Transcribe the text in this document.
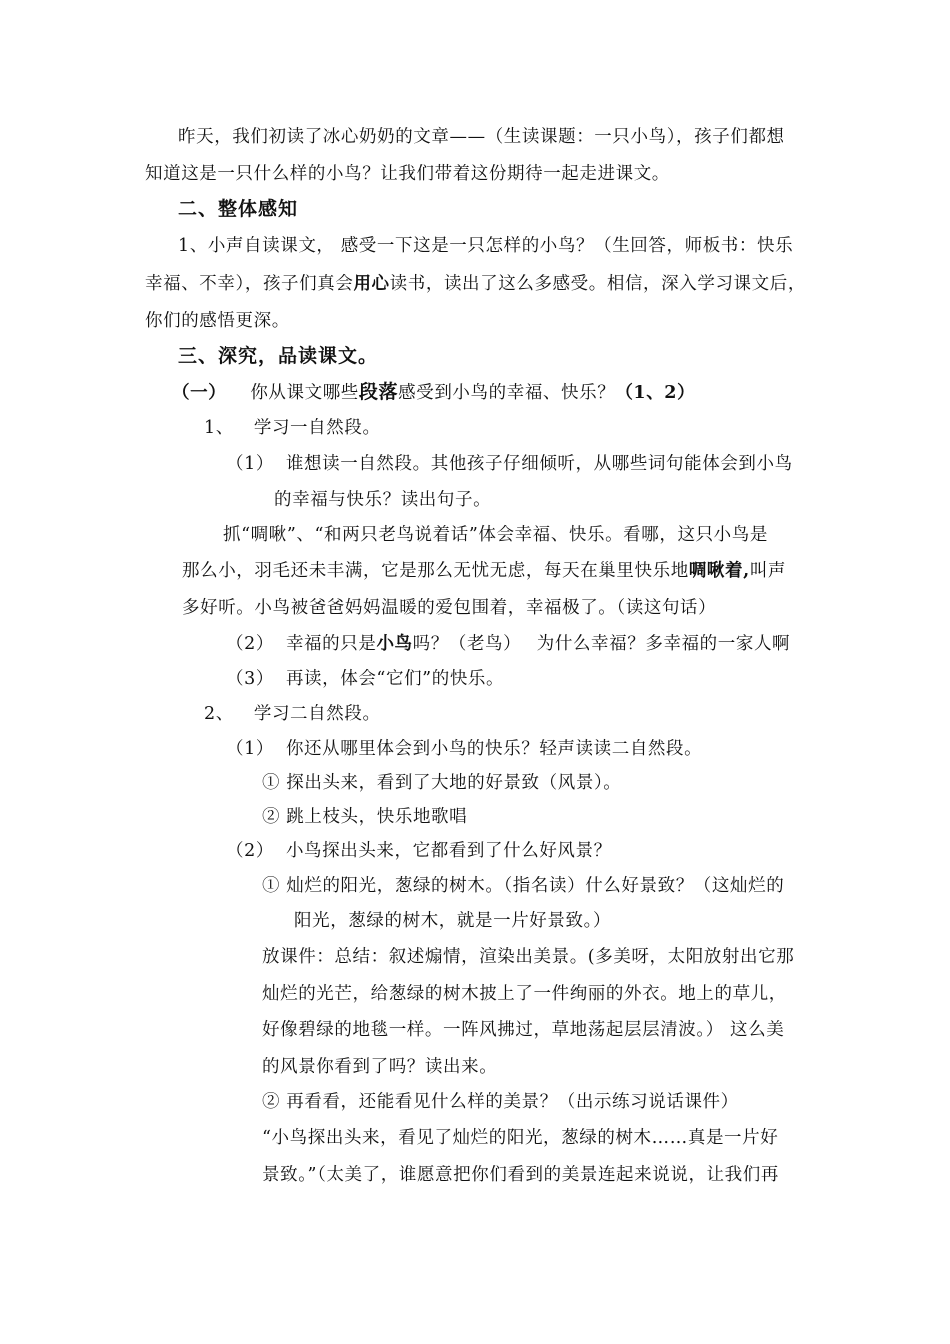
昨天，我们初读了冰心奶奶的文章——（生读课题：一只小鸟），孩子们都想
知道这是一只什么样的小鸟？让我们带着这份期待一起走进课文。
二、整体感知
1、小声自读课文， 感受一下这是一只怎样的小鸟？（生回答，师板书：快乐
幸福、不幸），孩子们真会用心读书，读出了这么多感受。相信，深入学习课文后，
你们的感悟更深。
三、深究，品读课文。
（一） 你从课文哪些段落感受到小鸟的幸福、快乐？（1、2）
1、 学习一自然段。
（1） 谁想读一自然段。其他孩子仔细倾听，从哪些词句能体会到小鸟
的幸福与快乐？读出句子。
抓“啁啾”、“和两只老鸟说着话”体会幸福、快乐。看哪，这只小鸟是
那么小，羽毛还未丰满，它是那么无忧无虑，每天在巢里快乐地啁啾着,叫声
多好听。小鸟被爸爸妈妈温暖的爱包围着，幸福极了。（读这句话）
（2） 幸福的只是小鸟吗？（老鸟）　 为什么幸福？多幸福的一家人啊
（3） 再读，体会“它们”的快乐。
2、 学习二自然段。
（1） 你还从哪里体会到小鸟的快乐？轻声读读二自然段。
① 探出头来，看到了大地的好景致（风景）。
② 跳上枝头，快乐地歌唱
（2） 小鸟探出头来，它都看到了什么好风景？
① 灿烂的阳光，葱绿的树木。（指名读）什么好景致？（这灿烂的
阳光，葱绿的树木，就是一片好景致。）
放课件：总结：叙述煽情，渲染出美景。(多美呀，太阳放射出它那
灿烂的光芒，给葱绿的树木披上了一件绚丽的外衣。地上的草儿，
好像碧绿的地毯一样。一阵风拂过，草地荡起层层清波。） 这么美
的风景你看到了吗？读出来。
② 再看看，还能看见什么样的美景？（出示练习说话课件）
“小鸟探出头来，看见了灿烂的阳光，葱绿的树木……真是一片好
景致。”（太美了，谁愿意把你们看到的美景连起来说说，让我们再
